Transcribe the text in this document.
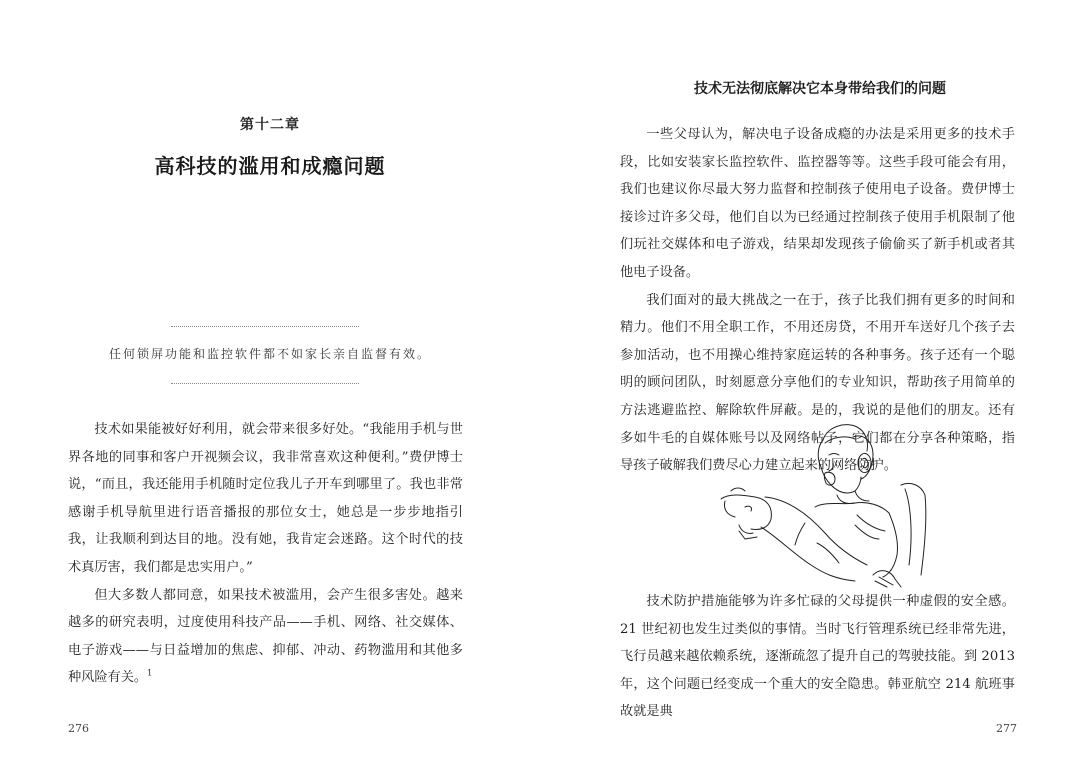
第十二章
高科技的滥用和成瘾问题
任何锁屏功能和监控软件都不如家长亲自监督有效。

技术如果能被好好利用，就会带来很多好处。“我能用手机与世界各地的同事和客户开视频会议，我非常喜欢这种便利。”费伊博士说，“而且，我还能用手机随时定位我儿子开车到哪里了。我也非常感谢手机导航里进行语音播报的那位女士，她总是一步步地指引我，让我顺利到达目的地。没有她，我肯定会迷路。这个时代的技术真厉害，我们都是忠实用户。”

但大多数人都同意，如果技术被滥用，会产生很多害处。越来越多的研究表明，过度使用科技产品——手机、网络、社交媒体、电子游戏——与日益增加的焦虑、抑郁、冲动、药物滥用和其他多种风险有关。$^1$

276
技术无法彻底解决它本身带给我们的问题

一些父母认为，解决电子设备成瘾的办法是采用更多的技术手段，比如安装家长监控软件、监控器等等。这些手段可能会有用，我们也建议你尽最大努力监督和控制孩子使用电子设备。费伊博士接诊过许多父母，他们自以为已经通过控制孩子使用手机限制了他们玩社交媒体和电子游戏，结果却发现孩子偷偷买了新手机或者其他电子设备。

我们面对的最大挑战之一在于，孩子比我们拥有更多的时间和精力。他们不用全职工作，不用还房贷，不用开车送好几个孩子去参加活动，也不用操心维持家庭运转的各种事务。孩子还有一个聪明的顾问团队，时刻愿意分享他们的专业知识，帮助孩子用简单的方法逃避监控、解除软件屏蔽。是的，我说的是他们的朋友。还有多如牛毛的自媒体账号以及网络帖子，它们都在分享各种策略，指导孩子破解我们费尽心力建立起来的网络防护。

技术防护措施能够为许多忙碌的父母提供一种虚假的安全感。21 世纪初也发生过类似的事情。当时飞行管理系统已经非常先进，飞行员越来越依赖系统，逐渐疏忽了提升自己的驾驶技能。到 2013 年，这个问题已经变成一个重大的安全隐患。韩亚航空 214 航班事故就是典

277
